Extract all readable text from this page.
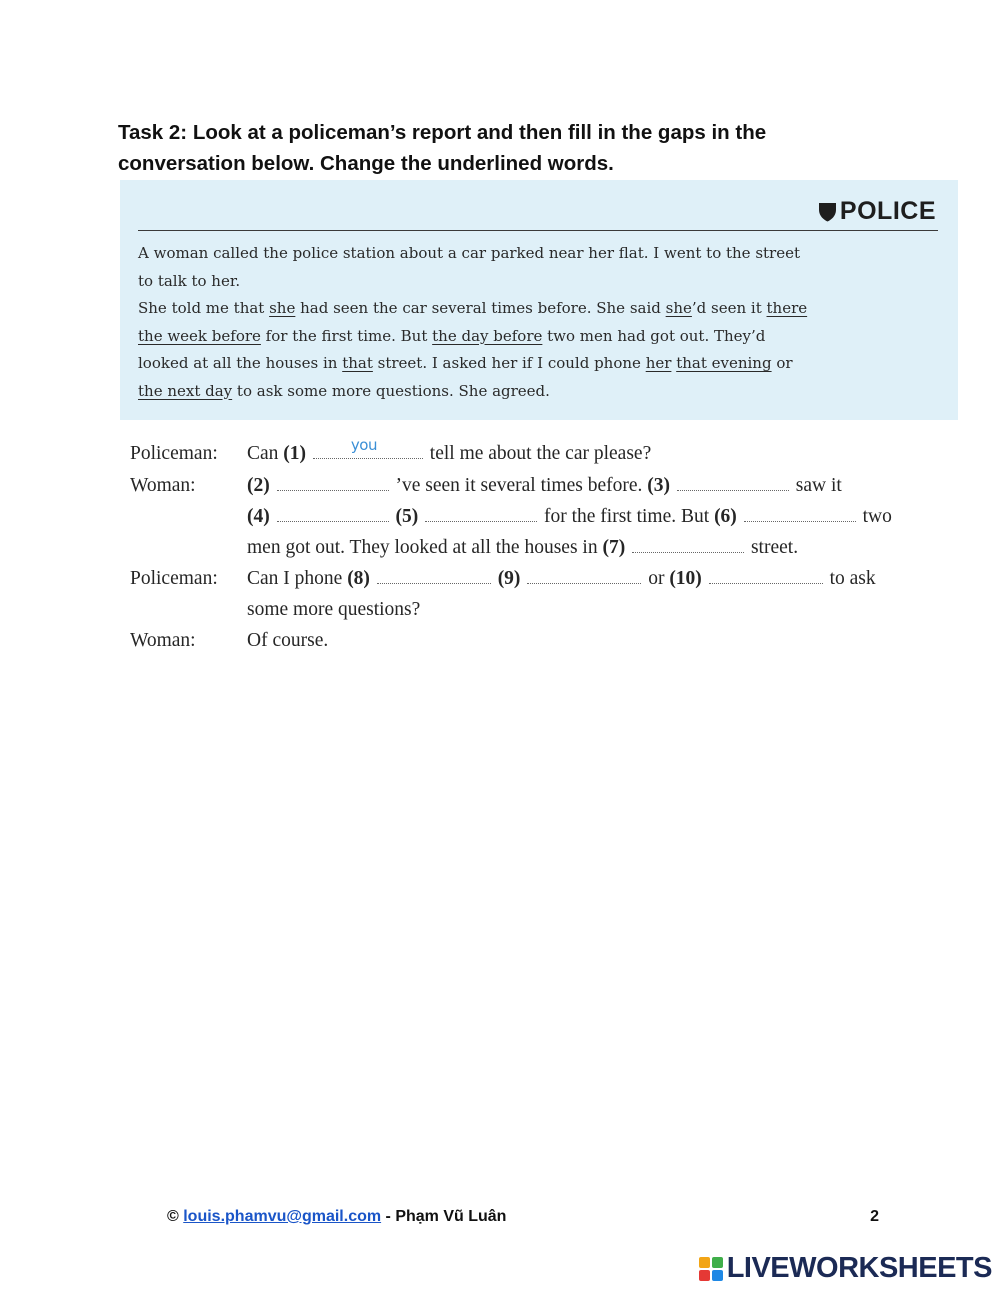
Task 2: Look at a policeman’s report and then fill in the gaps in the
conversation below. Change the underlined words.
POLICE

A woman called the police station about a car parked near her flat. I went to the street

to talk to her.

She told me that she had seen the car several times before. She said she’d seen it there

the week before for the first time. But the day before two men had got out. They’d

looked at all the houses in that street. I asked her if I could phone her that evening or

the next day to ask some more questions. She agreed.

Policeman:	Can (1)	you tell me about the car please?
Woman:	(2)	’ve seen it several times before. (3)	saw it
(4)	(5)	for the first time. But (6)	two
men got out. They looked at all the houses in (7)	street.
Policeman:	Can I phone (8)	(9)	or (10)	to ask
some more questions?
Woman:	Of course.
© louis.phamvu@gmail.com - Phạm Vũ Luân	2
LIVEWORKSHEETS
